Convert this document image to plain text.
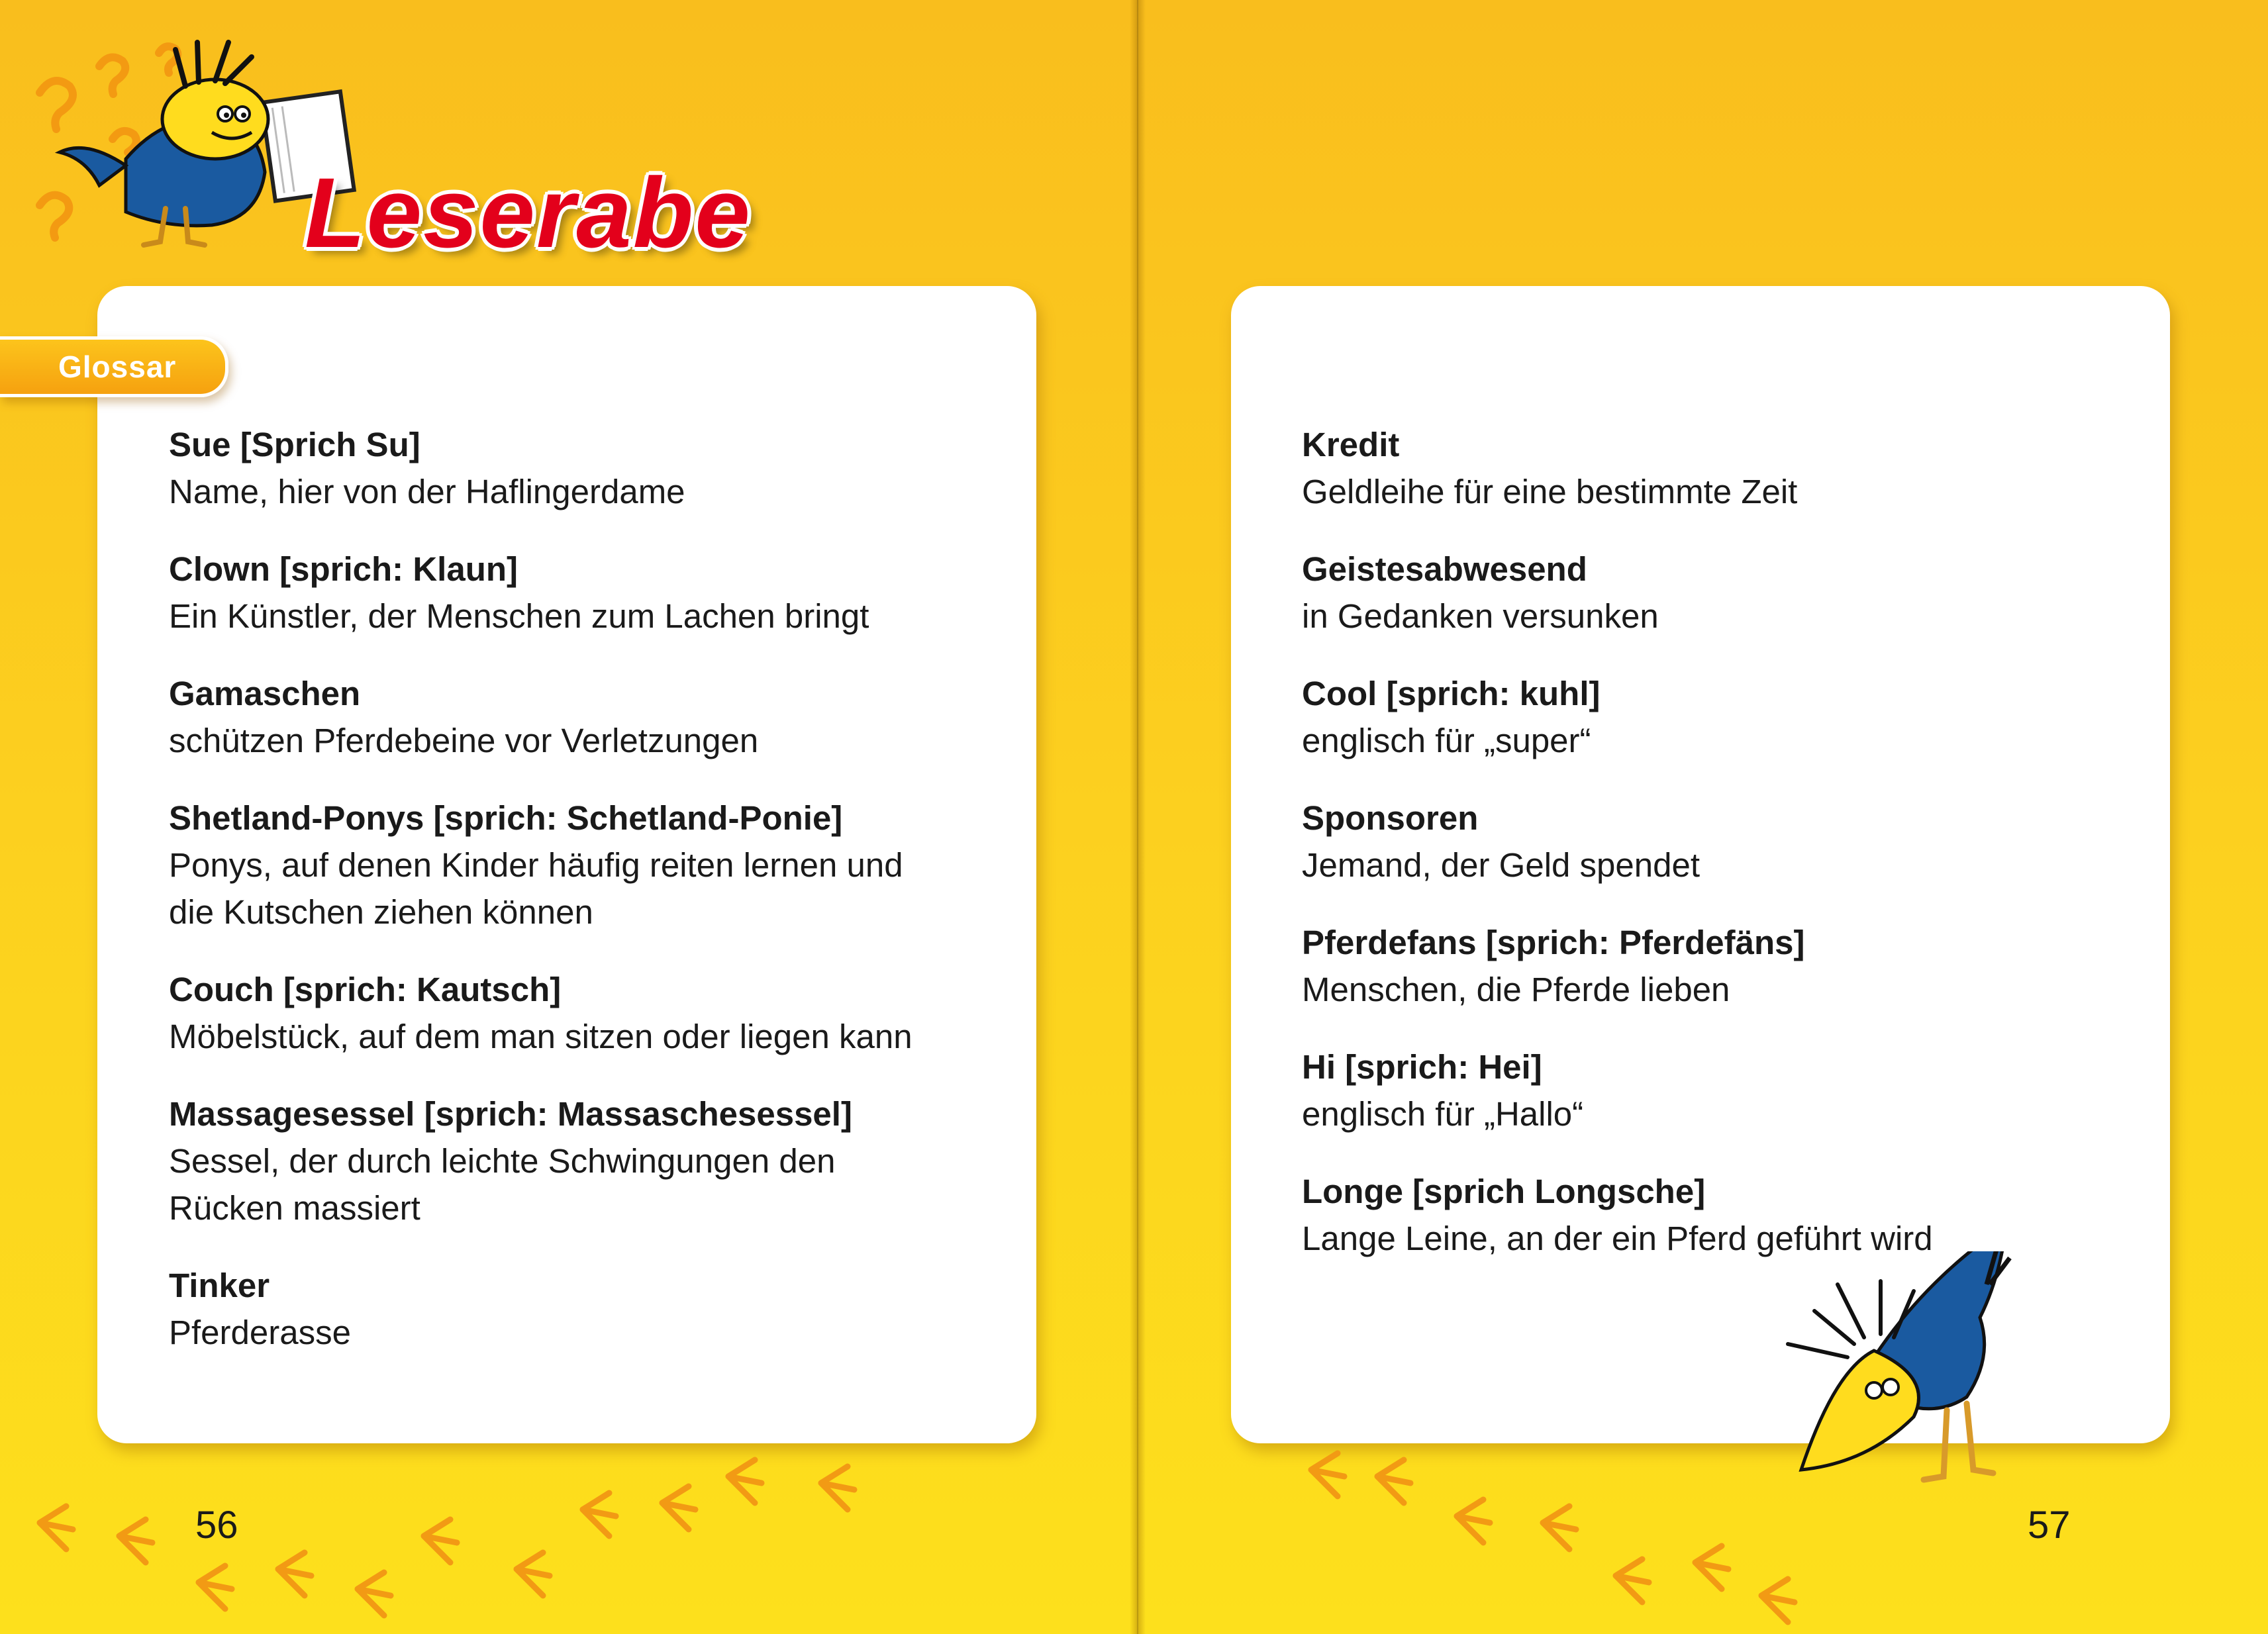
Leserabe
Glossar
Sue [Sprich Su]
Name, hier von der Haflingerdame
Clown [sprich: Klaun]
Ein Künstler, der Menschen zum Lachen bringt
Gamaschen
schützen Pferdebeine vor Verletzungen
Shetland-Ponys [sprich: Schetland-Ponie]
Ponys, auf denen Kinder häufig reiten lernen und die Kutschen ziehen können
Couch [sprich: Kautsch]
Möbelstück, auf dem man sitzen oder liegen kann
Massagesessel [sprich: Massaschesessel]
Sessel, der durch leichte Schwingungen den Rücken massiert
Tinker
Pferderasse
Kredit
Geldleihe für eine bestimmte Zeit
Geistesabwesend
in Gedanken versunken
Cool [sprich: kuhl]
englisch für „super“
Sponsoren
Jemand, der Geld spendet
Pferdefans [sprich: Pferdefäns]
Menschen, die Pferde lieben
Hi [sprich: Hei]
englisch für „Hallo“
Longe [sprich Longsche]
Lange Leine, an der ein Pferd geführt wird
56	57
